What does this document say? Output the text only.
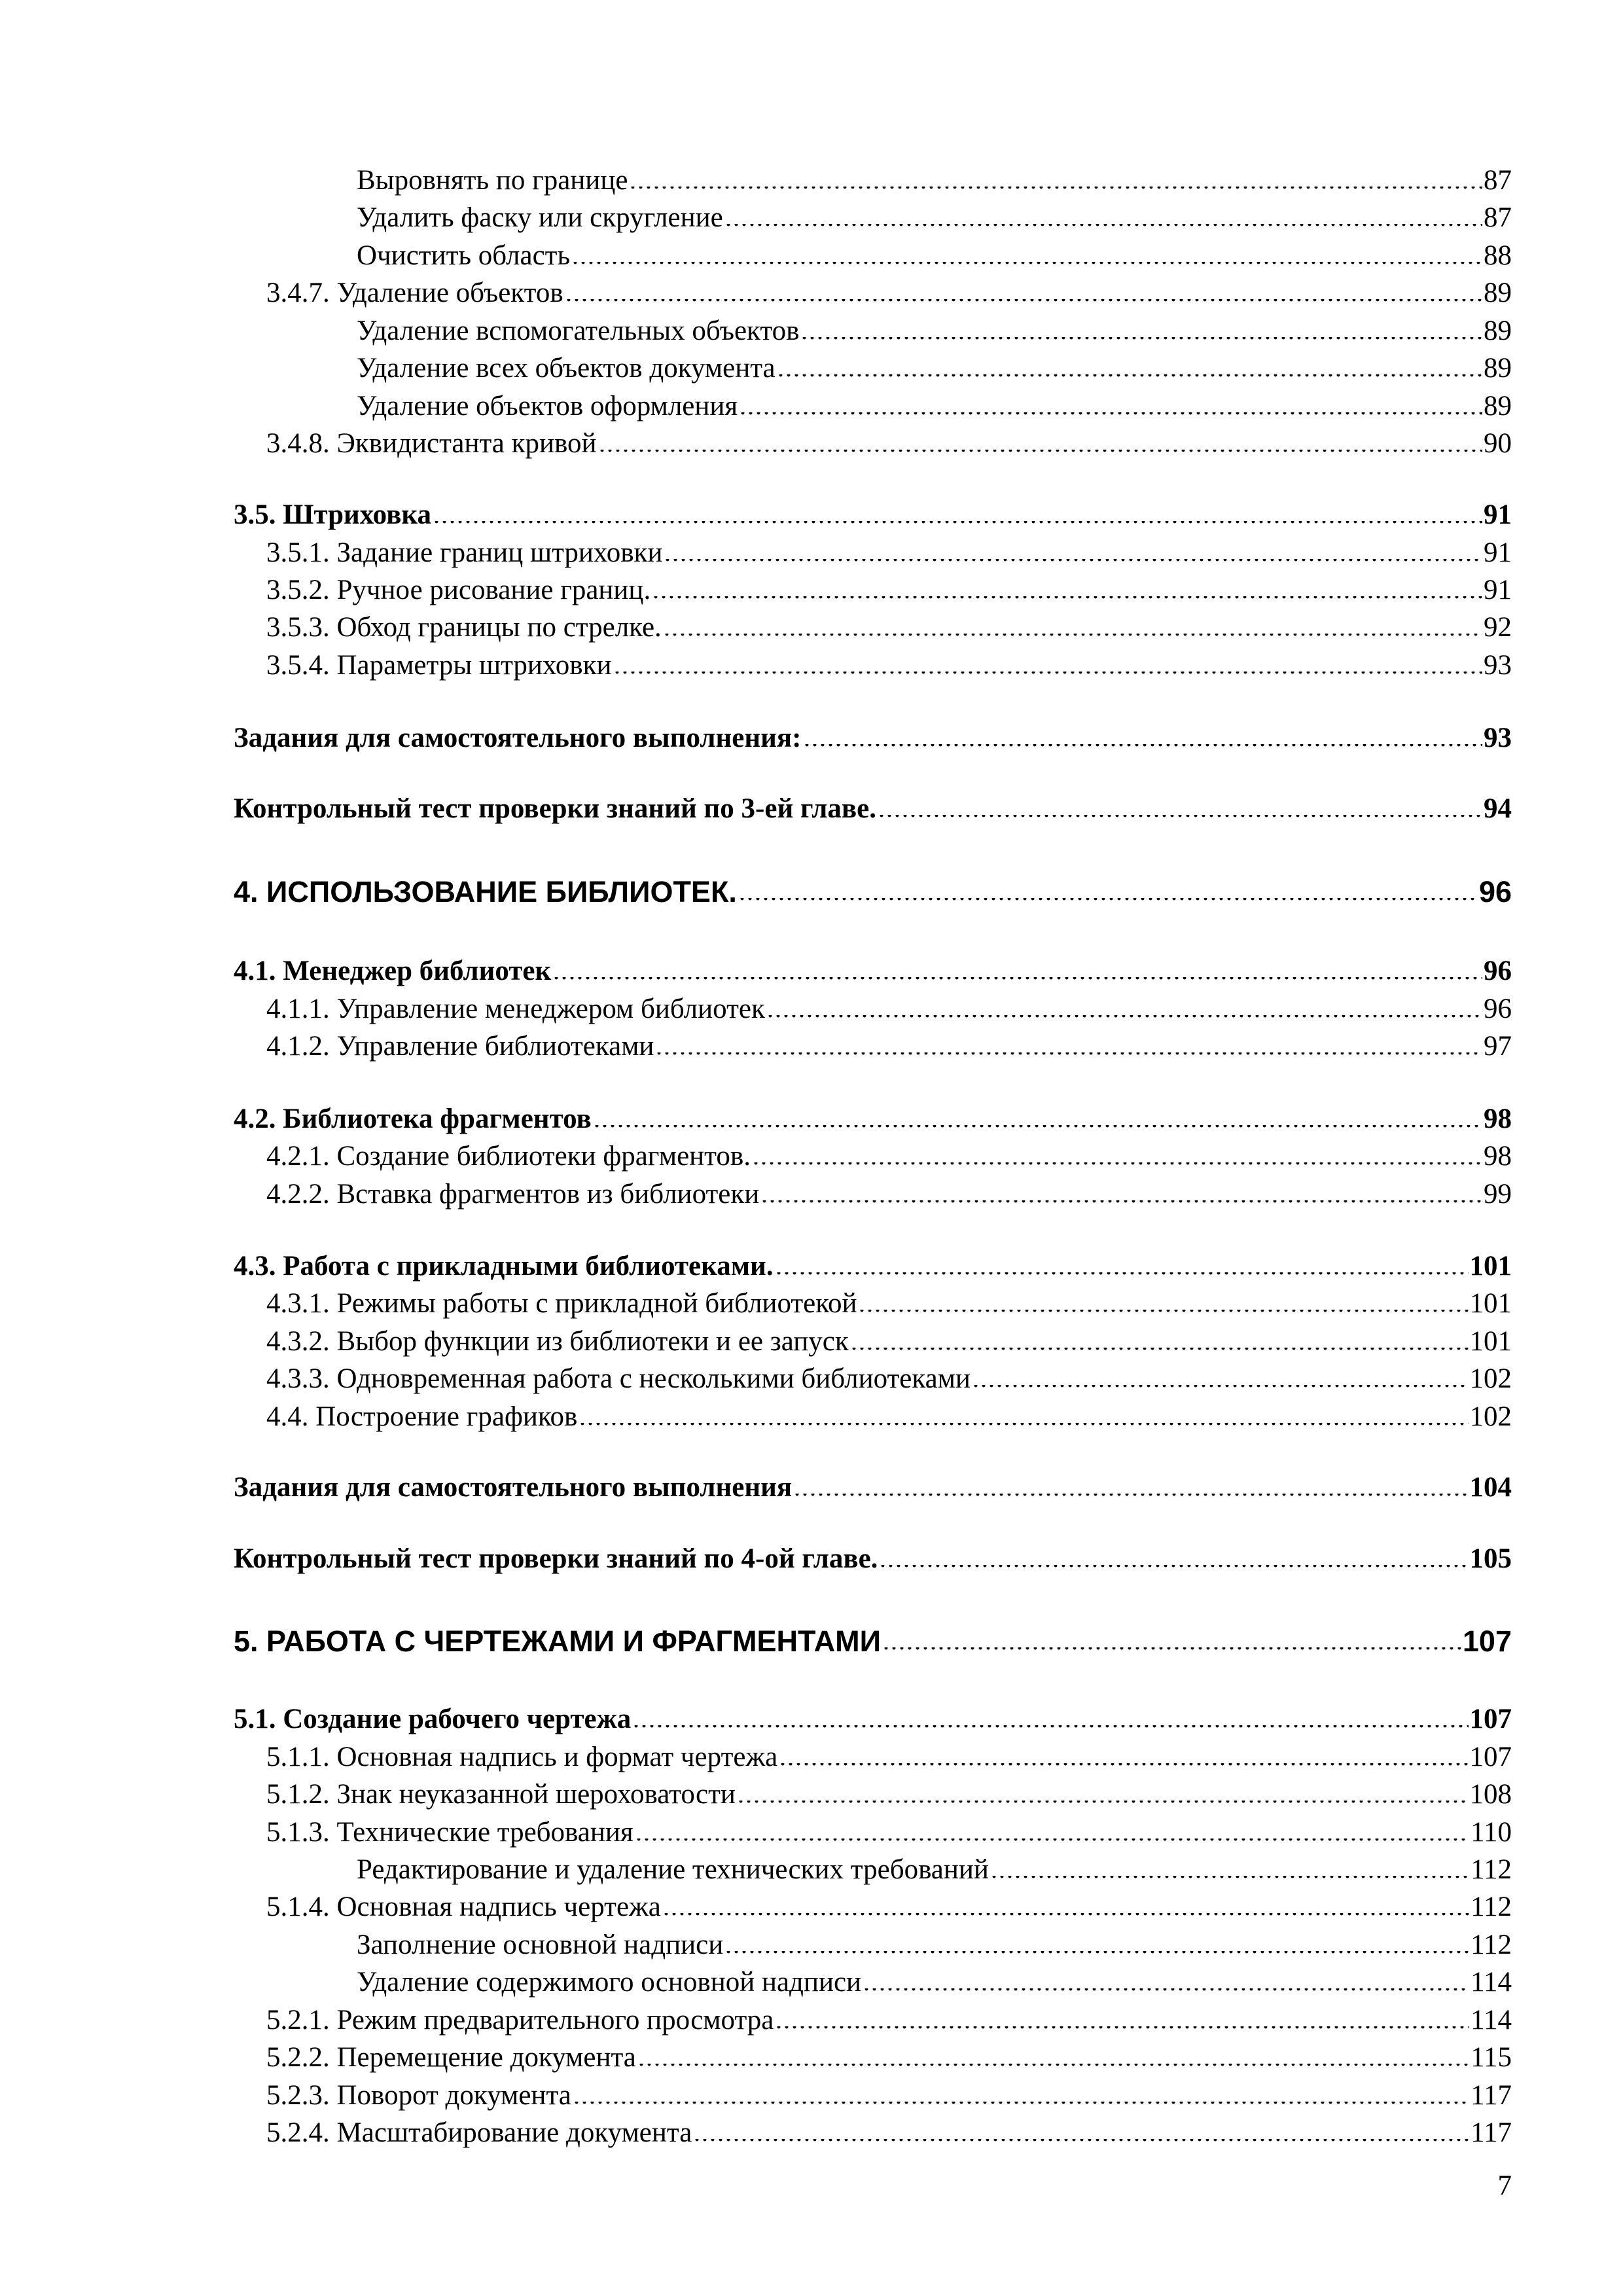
Выровнять по границе	87
Удалить фаску или скругление	87
Очистить область	88
3.4.7. Удаление объектов	89
Удаление вспомогательных объектов	89
Удаление всех объектов документа	89
Удаление объектов оформления	89
3.4.8. Эквидистанта кривой	90
3.5. Штриховка	91
3.5.1. Задание границ штриховки	91
3.5.2. Ручное рисование границ.	91
3.5.3. Обход границы по стрелке.	92
3.5.4. Параметры штриховки	93
Задания для самостоятельного выполнения:	93
Контрольный тест проверки знаний по 3-ей главе.	94
4. ИСПОЛЬЗОВАНИЕ БИБЛИОТЕК.	96
4.1. Менеджер библиотек	96
4.1.1. Управление менеджером библиотек	96
4.1.2. Управление библиотеками	97
4.2. Библиотека фрагментов	98
4.2.1. Создание библиотеки фрагментов.	98
4.2.2. Вставка фрагментов из библиотеки	99
4.3. Работа с прикладными библиотеками.	101
4.3.1. Режимы работы с прикладной библиотекой	101
4.3.2. Выбор функции из библиотеки и ее запуск	101
4.3.3. Одновременная работа с несколькими библиотеками	102
4.4. Построение графиков	102
Задания для самостоятельного выполнения	104
Контрольный тест проверки знаний по 4-ой главе.	105
5. РАБОТА С ЧЕРТЕЖАМИ И ФРАГМЕНТАМИ	107
5.1. Создание рабочего чертежа	107
5.1.1. Основная надпись и формат чертежа	107
5.1.2. Знак неуказанной шероховатости	108
5.1.3. Технические требования	110
Редактирование и удаление технических требований	112
5.1.4. Основная надпись чертежа	112
Заполнение основной надписи	112
Удаление содержимого основной надписи	114
5.2.1. Режим предварительного просмотра	114
5.2.2. Перемещение документа	115
5.2.3. Поворот документа	117
5.2.4. Масштабирование документа	117
7
